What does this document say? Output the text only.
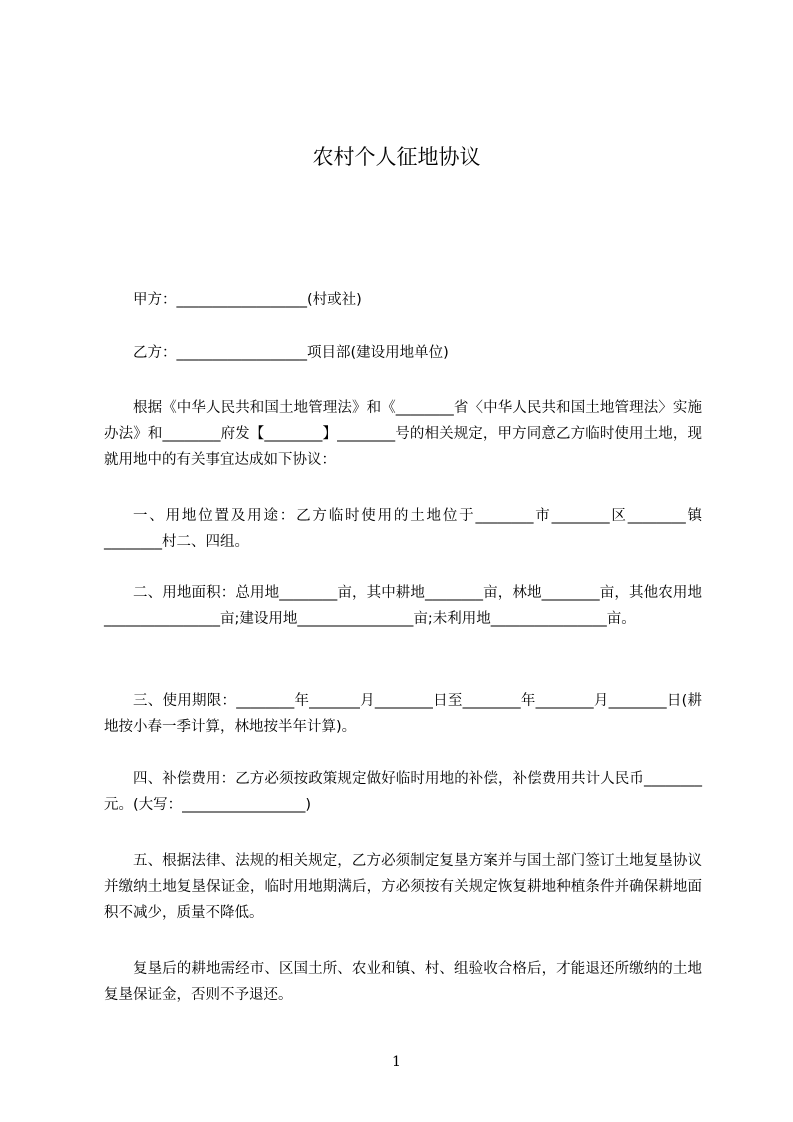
农村个人征地协议

甲方：__________________(村或社)

乙方：__________________项目部(建设用地单位)

根据《中华人民共和国土地管理法》和《________省〈中华人民共和国土地管理法〉实施办法》和________府发【________】________号的相关规定，甲方同意乙方临时使用土地，现就用地中的有关事宜达成如下协议：

一、用地位置及用途：乙方临时使用的土地位于________市________区________镇________村二、四组。

二、用地面积：总用地________亩，其中耕地________亩，林地________亩，其他农用地________________亩;建设用地________________亩;未利用地________________亩。

三、使用期限：________年_______月________日至________年________月________日(耕地按小春一季计算，林地按半年计算)。

四、补偿费用：乙方必须按政策规定做好临时用地的补偿，补偿费用共计人民币________元。(大写：_________________)

五、根据法律、法规的相关规定，乙方必须制定复垦方案并与国土部门签订土地复垦协议并缴纳土地复垦保证金，临时用地期满后，方必须按有关规定恢复耕地种植条件并确保耕地面积不减少，质量不降低。

复垦后的耕地需经市、区国土所、农业和镇、村、组验收合格后，才能退还所缴纳的土地复垦保证金，否则不予退还。

1
